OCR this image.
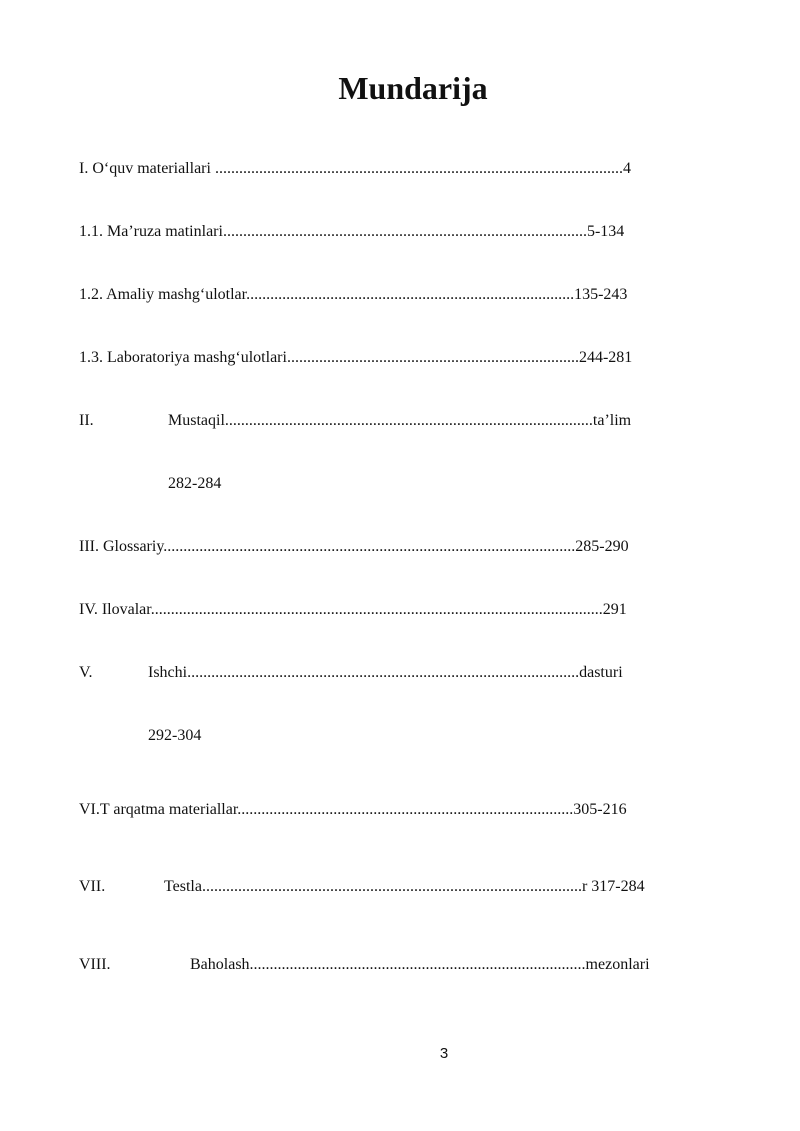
Mundarija
I. O‘quv materiallari ......................................................................................................4
1.1. Ma’ruza matinlari...........................................................................................5-134
1.2. Amaliy mashg‘ulotlar..................................................................................135-243
1.3. Laboratoriya mashg‘ulotlari.........................................................................244-281
II.	Mustaqil............................................................................................ta’lim
282-284
III. Glossariy.......................................................................................................285-290
IV. Ilovalar.................................................................................................................291
V.	Ishchi..................................................................................................dasturi
292-304
VI.T arqatma materiallar....................................................................................305-216
VII.	Testla...............................................................................................r 317-284
VIII.	Baholash....................................................................................mezonlari
3
